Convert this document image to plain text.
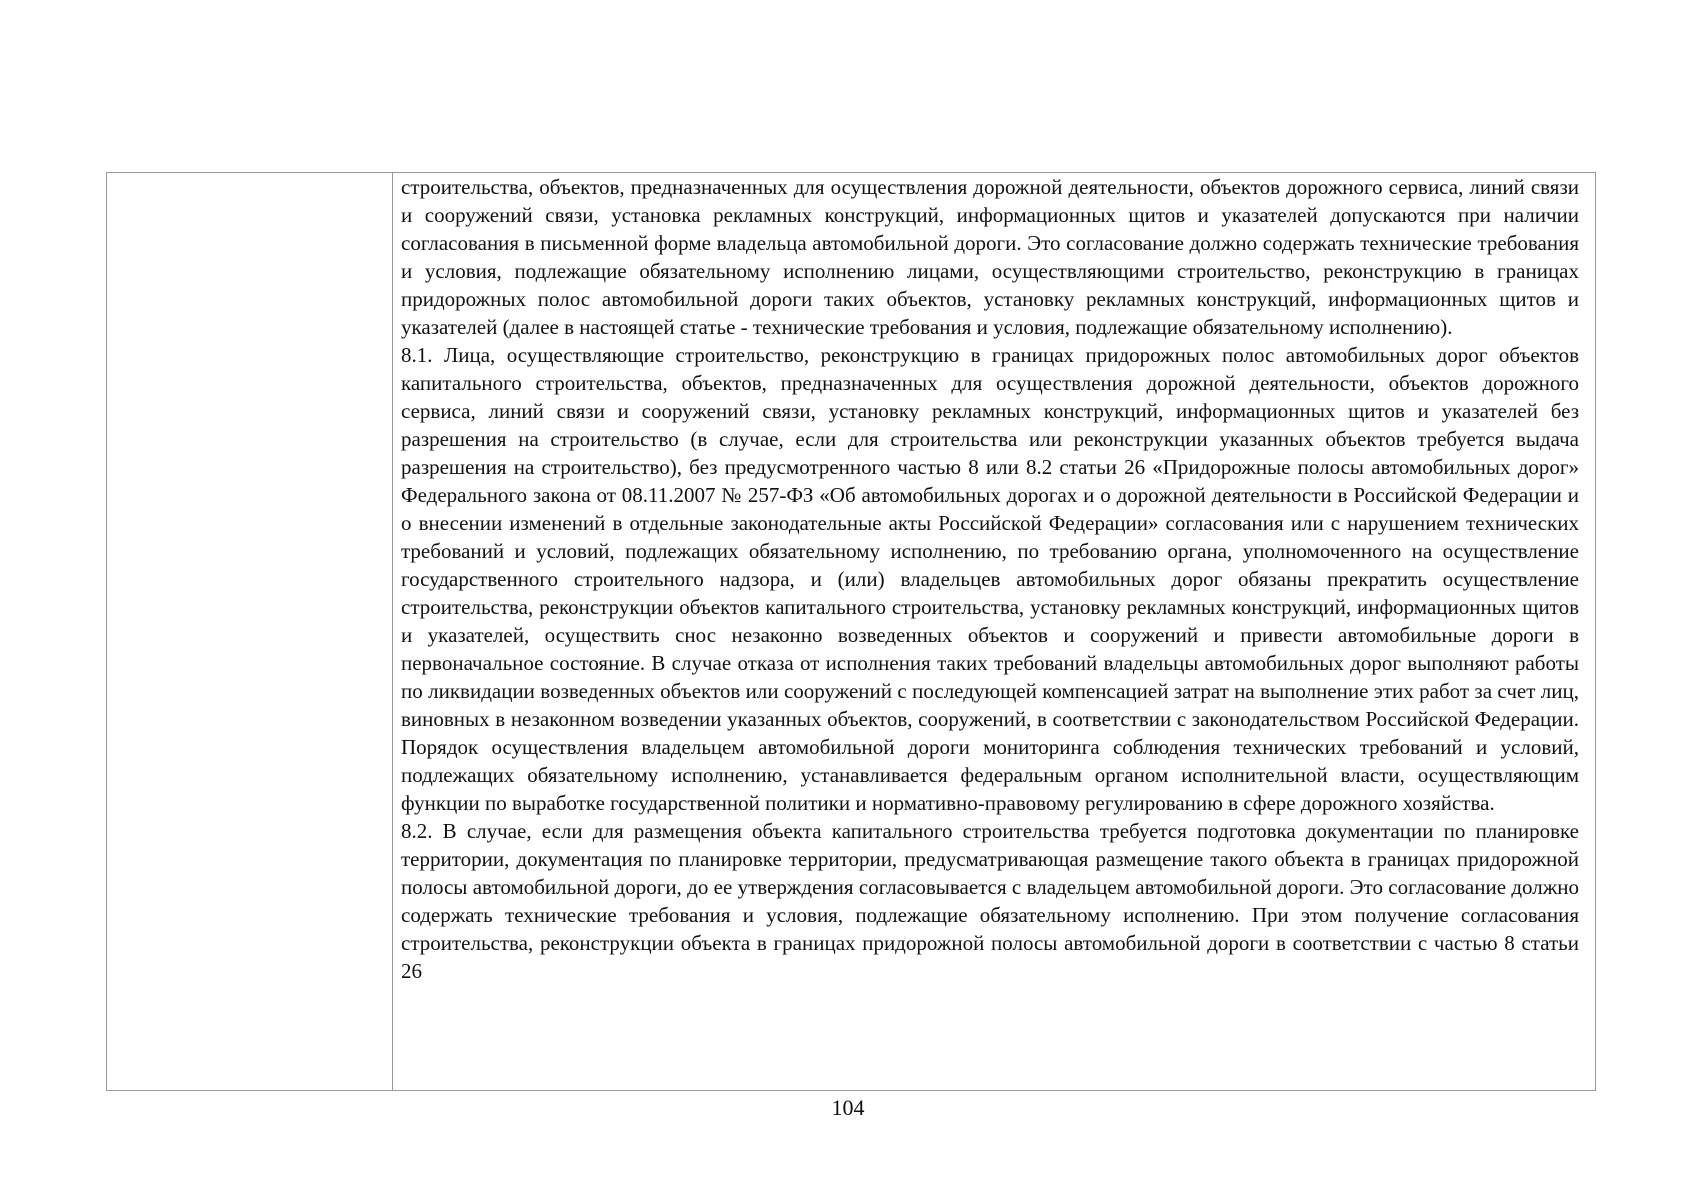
строительства, объектов, предназначенных для осуществления дорожной деятельности, объектов дорожного сервиса, линий связи и сооружений связи, установка рекламных конструкций, информационных щитов и указателей допускаются при наличии согласования в письменной форме владельца автомобильной дороги. Это согласование должно содержать технические требования и условия, подлежащие обязательному исполнению лицами, осуществляющими строительство, реконструкцию в границах придорожных полос автомобильной дороги таких объектов, установку рекламных конструкций, информационных щитов и указателей (далее в настоящей статье - технические требования и условия, подлежащие обязательному исполнению).

8.1. Лица, осуществляющие строительство, реконструкцию в границах придорожных полос автомобильных дорог объектов капитального строительства, объектов, предназначенных для осуществления дорожной деятельности, объектов дорожного сервиса, линий связи и сооружений связи, установку рекламных конструкций, информационных щитов и указателей без разрешения на строительство (в случае, если для строительства или реконструкции указанных объектов требуется выдача разрешения на строительство), без предусмотренного частью 8 или 8.2 статьи 26 «Придорожные полосы автомобильных дорог» Федерального закона от 08.11.2007 № 257-ФЗ «Об автомобильных дорогах и о дорожной деятельности в Российской Федерации и о внесении изменений в отдельные законодательные акты Российской Федерации» согласования или с нарушением технических требований и условий, подлежащих обязательному исполнению, по требованию органа, уполномоченного на осуществление государственного строительного надзора, и (или) владельцев автомобильных дорог обязаны прекратить осуществление строительства, реконструкции объектов капитального строительства, установку рекламных конструкций, информационных щитов и указателей, осуществить снос незаконно возведенных объектов и сооружений и привести автомобильные дороги в первоначальное состояние. В случае отказа от исполнения таких требований владельцы автомобильных дорог выполняют работы по ликвидации возведенных объектов или сооружений с последующей компенсацией затрат на выполнение этих работ за счет лиц, виновных в незаконном возведении указанных объектов, сооружений, в соответствии с законодательством Российской Федерации. Порядок осуществления владельцем автомобильной дороги мониторинга соблюдения технических требований и условий, подлежащих обязательному исполнению, устанавливается федеральным органом исполнительной власти, осуществляющим функции по выработке государственной политики и нормативно-правовому регулированию в сфере дорожного хозяйства.

8.2. В случае, если для размещения объекта капитального строительства требуется подготовка документации по планировке территории, документация по планировке территории, предусматривающая размещение такого объекта в границах придорожной полосы автомобильной дороги, до ее утверждения согласовывается с владельцем автомобильной дороги. Это согласование должно содержать технические требования и условия, подлежащие обязательному исполнению. При этом получение согласования строительства, реконструкции объекта в границах придорожной полосы автомобильной дороги в соответствии с частью 8 статьи 26

104
